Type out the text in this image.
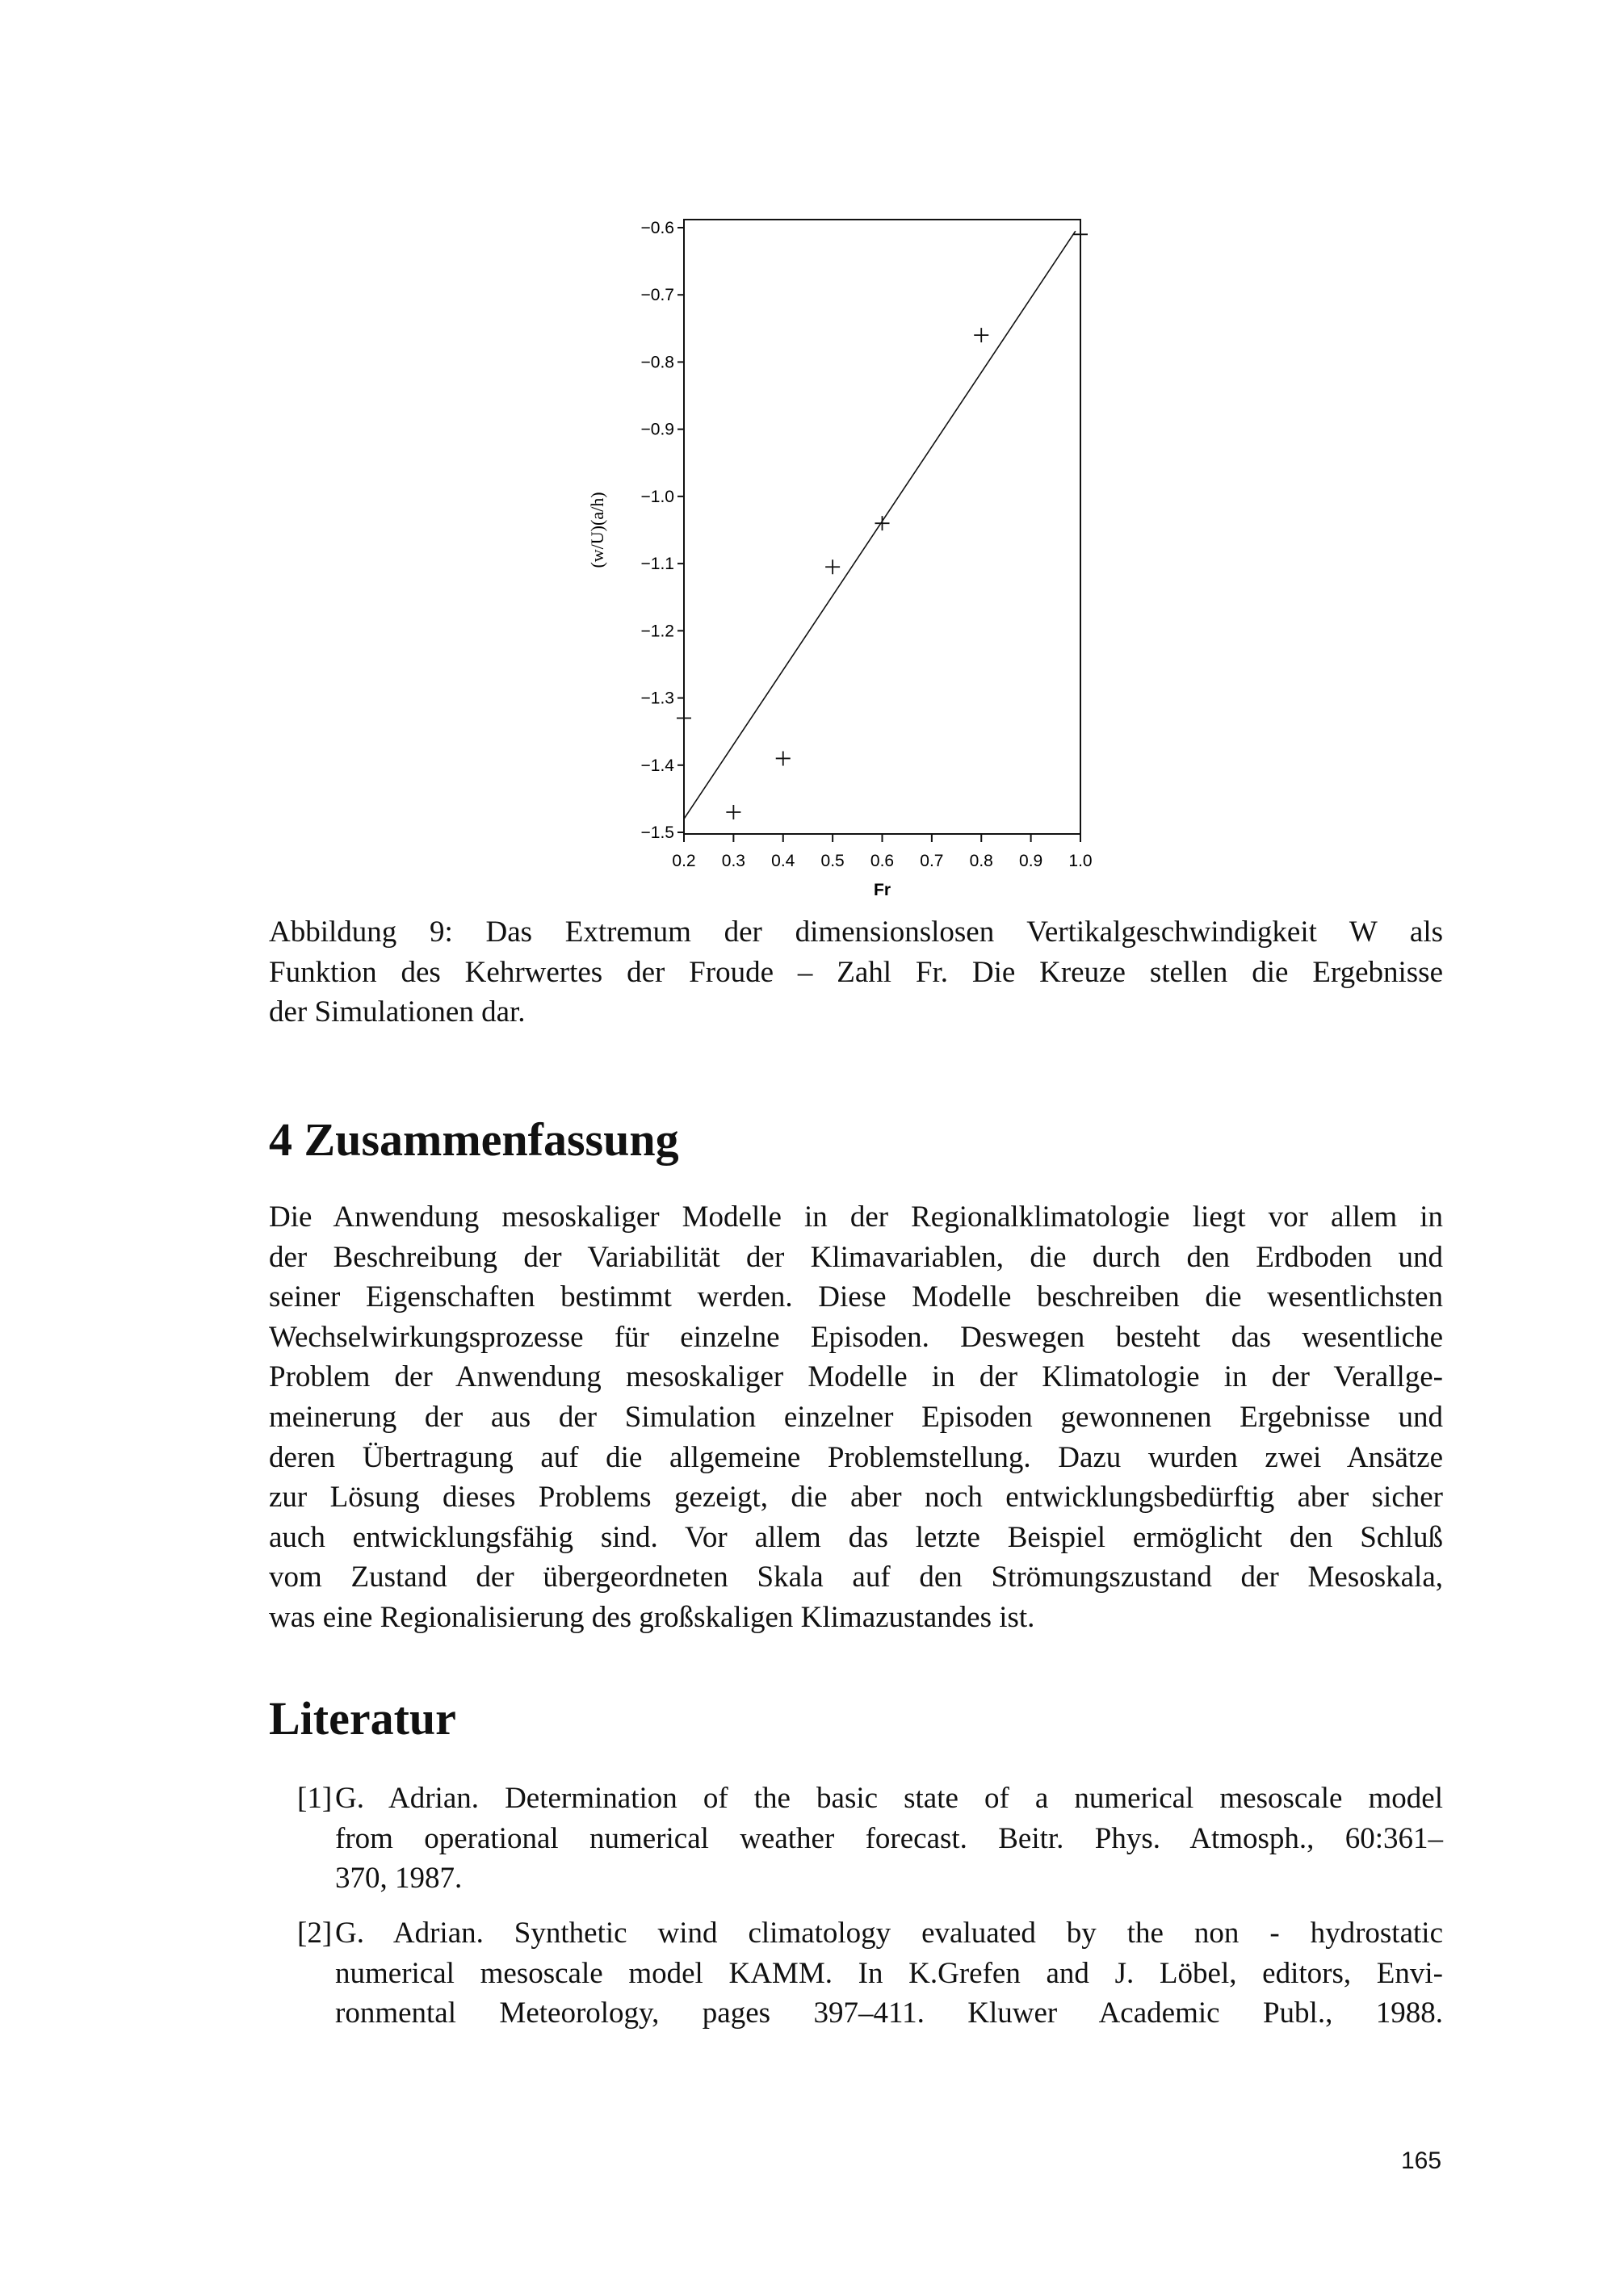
−0.6
−0.7
−0.8
−0.9
−1.0
−1.1
−1.2
−1.3
−1.4
−1.5
0.2 0.3 0.4 0.5 0.6 0.7 0.8 0.9 1.0
Fr
(w/U)(a/h)
Abbildung 9: Das Extremum der dimensionslosen Vertikalgeschwindigkeit W als
Funktion des Kehrwertes der Froude – Zahl Fr. Die Kreuze stellen die Ergebnisse
der Simulationen dar.
4 Zusammenfassung
Die Anwendung mesoskaliger Modelle in der Regionalklimatologie liegt vor allem in
der Beschreibung der Variabilität der Klimavariablen, die durch den Erdboden und
seiner Eigenschaften bestimmt werden. Diese Modelle beschreiben die wesentlichsten
Wechselwirkungsprozesse für einzelne Episoden. Deswegen besteht das wesentliche
Problem der Anwendung mesoskaliger Modelle in der Klimatologie in der Verallge-
meinerung der aus der Simulation einzelner Episoden gewonnenen Ergebnisse und
deren Übertragung auf die allgemeine Problemstellung. Dazu wurden zwei Ansätze
zur Lösung dieses Problems gezeigt, die aber noch entwicklungsbedürftig aber sicher
auch entwicklungsfähig sind. Vor allem das letzte Beispiel ermöglicht den Schluß
vom Zustand der übergeordneten Skala auf den Strömungszustand der Mesoskala,
was eine Regionalisierung des großskaligen Klimazustandes ist.
Literatur
[1] G. Adrian. Determination of the basic state of a numerical mesoscale model
from operational numerical weather forecast. Beitr. Phys. Atmosph., 60:361–
370, 1987.
[2] G. Adrian. Synthetic wind climatology evaluated by the non - hydrostatic
numerical mesoscale model KAMM. In K.Grefen and J. Löbel, editors, Envi-
ronmental Meteorology, pages 397–411. Kluwer Academic Publ., 1988.
165
